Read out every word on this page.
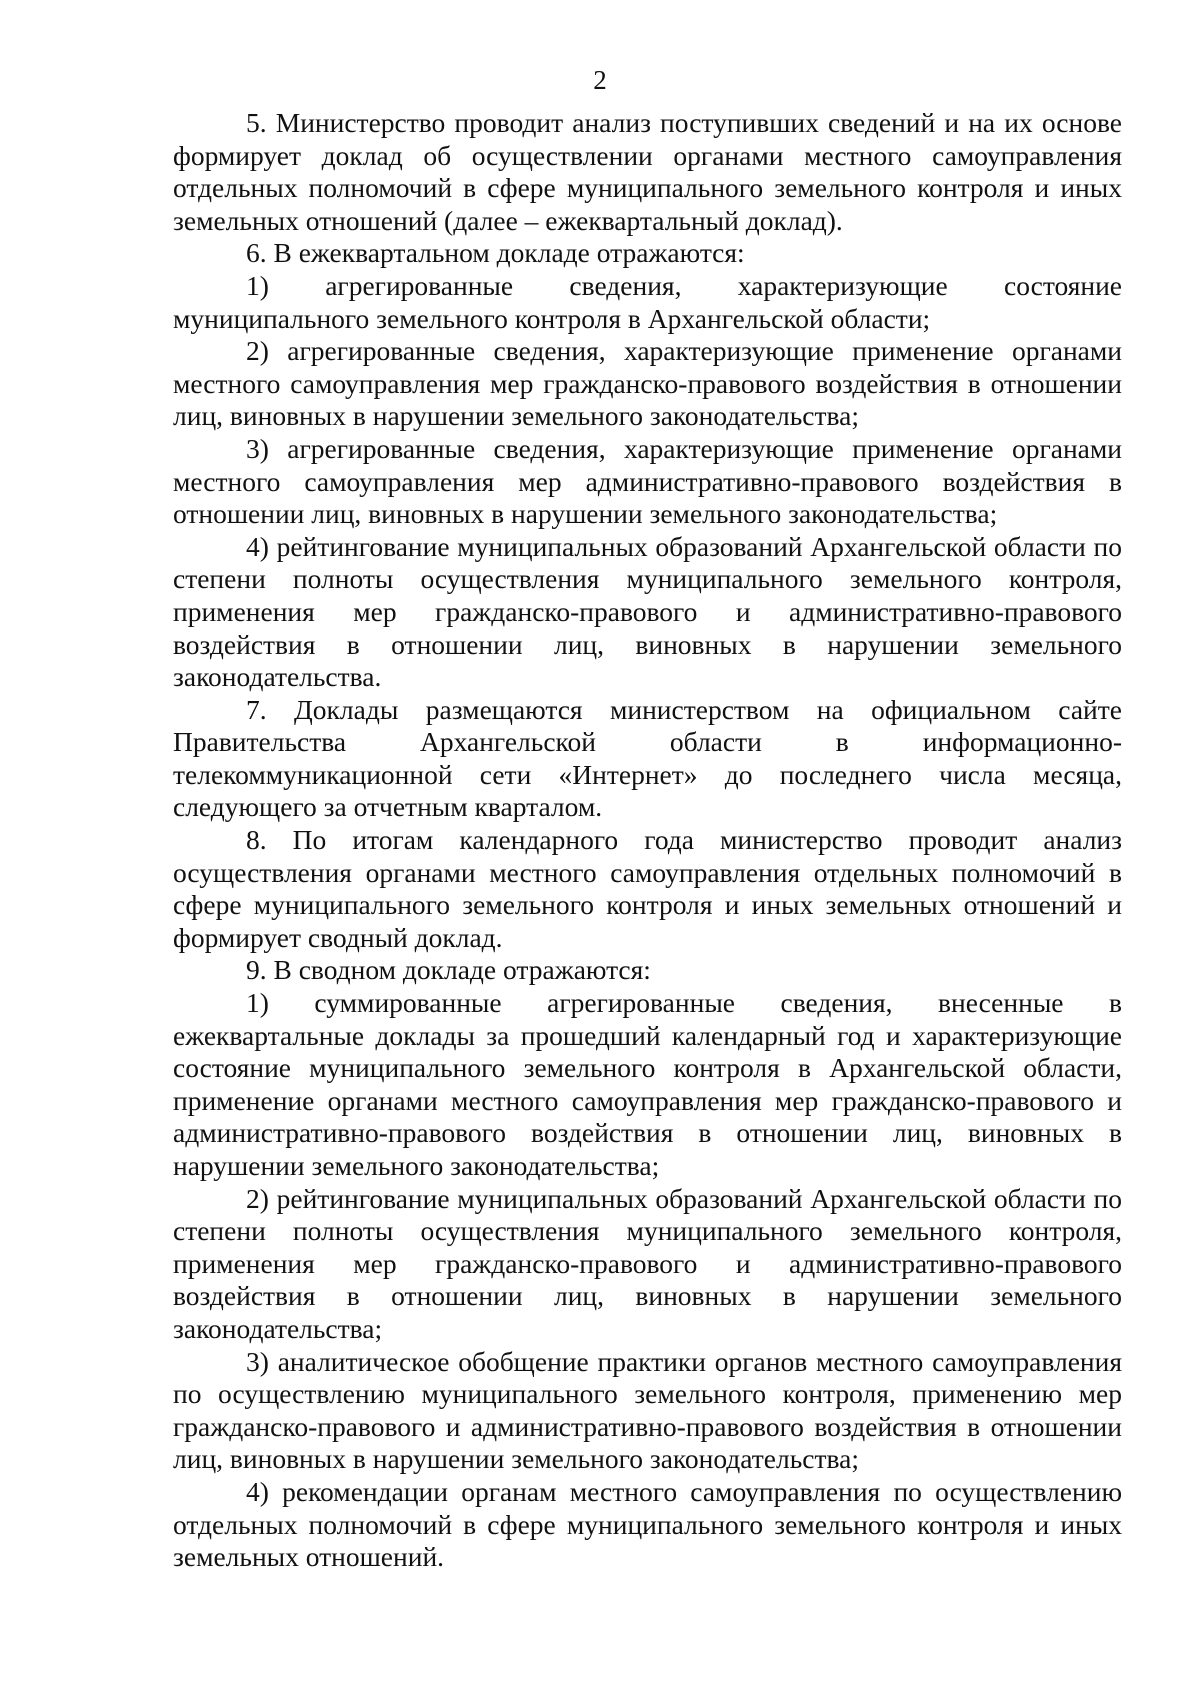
2

5. Министерство проводит анализ поступивших сведений и на их основе формирует доклад об осуществлении органами местного самоуправления отдельных полномочий в сфере муниципального земельного контроля и иных земельных отношений (далее – ежеквартальный доклад).

6. В ежеквартальном докладе отражаются:

1) агрегированные сведения, характеризующие состояние муниципального земельного контроля в Архангельской области;

2) агрегированные сведения, характеризующие применение органами местного самоуправления мер гражданско-правового воздействия в отношении лиц, виновных в нарушении земельного законодательства;

3) агрегированные сведения, характеризующие применение органами местного самоуправления мер административно-правового воздействия в отношении лиц, виновных в нарушении земельного законодательства;

4) рейтингование муниципальных образований Архангельской области по степени полноты осуществления муниципального земельного контроля, применения мер гражданско-правового и административно-правового воздействия в отношении лиц, виновных в нарушении земельного законодательства.

7. Доклады размещаются министерством на официальном сайте Правительства Архангельской области в информационно-телекоммуникационной сети «Интернет» до последнего числа месяца, следующего за отчетным кварталом.

8. По итогам календарного года министерство проводит анализ осуществления органами местного самоуправления отдельных полномочий в сфере муниципального земельного контроля и иных земельных отношений и формирует сводный доклад.

9. В сводном докладе отражаются:

1) суммированные агрегированные сведения, внесенные в ежеквартальные доклады за прошедший календарный год и характеризующие состояние муниципального земельного контроля в Архангельской области, применение органами местного самоуправления мер гражданско-правового и административно-правового воздействия в отношении лиц, виновных в нарушении земельного законодательства;

2) рейтингование муниципальных образований Архангельской области по степени полноты осуществления муниципального земельного контроля, применения мер гражданско-правового и административно-правового воздействия в отношении лиц, виновных в нарушении земельного законодательства;

3) аналитическое обобщение практики органов местного самоуправления по осуществлению муниципального земельного контроля, применению мер гражданско-правового и административно-правового воздействия в отношении лиц, виновных в нарушении земельного законодательства;

4) рекомендации органам местного самоуправления по осуществлению отдельных полномочий в сфере муниципального земельного контроля и иных земельных отношений.
